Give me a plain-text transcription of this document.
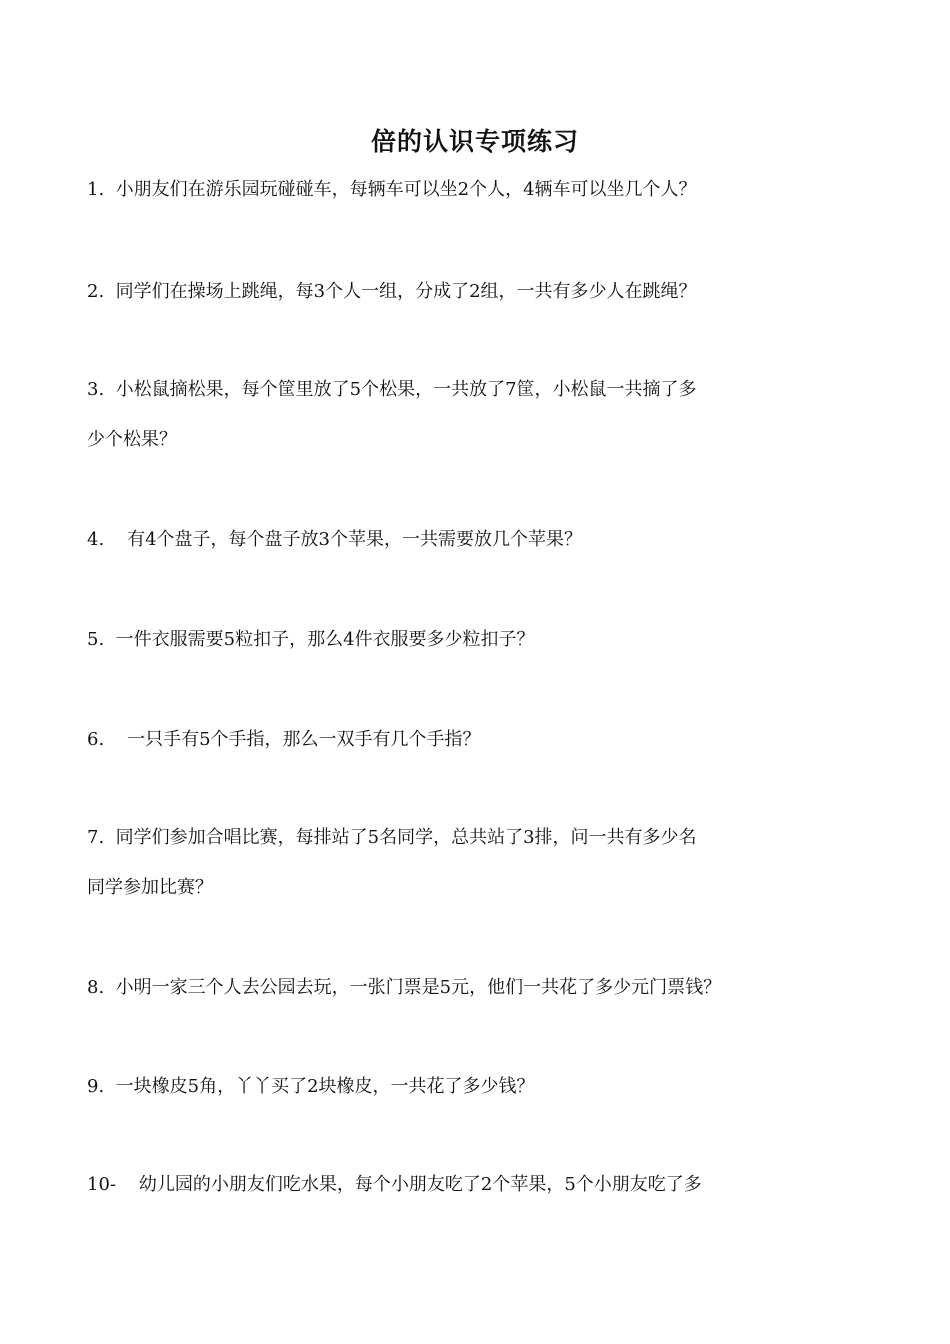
倍的认识专项练习
1. 小朋友们在游乐园玩碰碰车，每辆车可以坐2个人，4辆车可以坐几个人？
2. 同学们在操场上跳绳，每3个人一组，分成了2组，一共有多少人在跳绳？
3. 小松鼠摘松果，每个筐里放了5个松果，一共放了7筐，小松鼠一共摘了多
少个松果？
4. 有4个盘子，每个盘子放3个苹果，一共需要放几个苹果？
5. 一件衣服需要5粒扣子，那么4件衣服要多少粒扣子？
6. 一只手有5个手指，那么一双手有几个手指？
7. 同学们参加合唱比赛，每排站了5名同学，总共站了3排，问一共有多少名
同学参加比赛？
8. 小明一家三个人去公园去玩，一张门票是5元，他们一共花了多少元门票钱？
9. 一块橡皮5角，丫丫买了2块橡皮，一共花了多少钱？
10- 幼儿园的小朋友们吃水果，每个小朋友吃了2个苹果，5个小朋友吃了多
